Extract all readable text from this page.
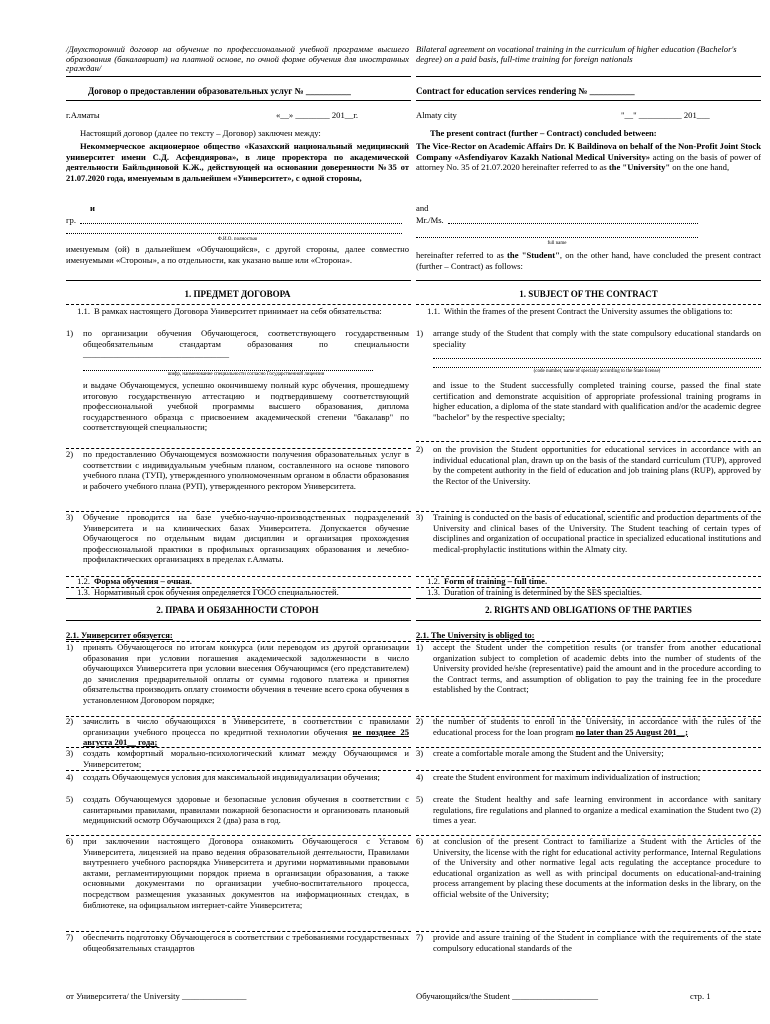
/Двухсторонний договор на обучение по профессиональной учебной программе высшего образования (бакалавриат) на платной основе, по очной форме обучения для иностранных граждан/
Договор о предоставлении образовательных услуг № __________
г.Алматы	«__» ________ 201__г.
Настоящий договор (далее по тексту – Договор) заключен между:
Некоммерческое акционерное общество «Казахский национальный медицинский университет имени С.Д. Асфендиярова», в лице проректора по академической деятельности Байльдиновой К.Ж., действующей на основании доверенности №35 от 21.07.2020 года, именуемым в дальнейшем «Университет», с одной стороны,
и
гр.
Ф.И.О. полностью
именуемым (ой) в дальнейшем «Обучающийся», с другой стороны, далее совместно именуемыми «Стороны», а по отдельности, как указано выше или «Сторона».
1. ПРЕДМЕТ ДОГОВОРА
1.1. В рамках настоящего Договора Университет принимает на себя обязательства:
1)	по организации обучения Обучающегося, соответствующего государственным общеобязательным стандартам образования по специальности __________________________________
шифр, наименование специальности согласно Государственной лицензии
и выдаче Обучающемуся, успешно окончившему полный курс обучения, прошедшему итоговую государственную аттестацию и подтвердившему соответствующий профессиональной учебной программы высшего образования, диплома государственного образца с присвоением академической степени "бакалавр" по соответствующей специальности;
2)	по предоставлению Обучающемуся возможности получения образовательных услуг в соответствии с индивидуальным учебным планом, составленного на основе типового учебного плана (ТУП), утвержденного уполномоченным органом в области образования и рабочего учебного плана (РУП), утвержденного ректором Университета.
3)	Обучение проводится на базе учебно-научно-производственных подразделений Университета и на клинических базах Университета. Допускается обучение Обучающегося по отдельным видам дисциплин и организация прохождения профессиональной практики в профильных организациях образования и лечебно-профилактических организациях в пределах г.Алматы.
1.2. Форма обучения – очная.
1.3. Нормативный срок обучения определяется ГОСО специальностей.
2. ПРАВА И ОБЯЗАННОСТИ СТОРОН
2.1. Университет обязуется:
1)	принять Обучающегося по итогам конкурса (или переводом из другой организации образования при условии погашения академической задолженности в число обучающихся Университета при условии внесения Обучающимся (его представителем) до зачисления предварительной оплаты от суммы годового платежа и принятия обязательства производить оплату стоимости обучения в течение всего срока обучения в установленном Договором порядке;
2)	зачислить в число обучающихся в Университете, в соответствии с правилами организации учебного процесса по кредитной технологии обучения не позднее 25 августа 201__ года;
3)	создать комфортный морально-психологический климат между Обучающимся и Университетом;
4)	создать Обучающемуся условия для максимальной индивидуализации обучения;
5)	создать Обучающемуся здоровые и безопасные условия обучения в соответствии с санитарными правилами, правилами пожарной безопасности и организовать плановый медицинский осмотр Обучающихся 2 (два) раза в год.
6)	при заключении настоящего Договора ознакомить Обучающегося с Уставом Университета, лицензией на право ведения образовательной деятельности, Правилами внутреннего учебного распорядка Университета и другими нормативными правовыми актами, регламентирующими порядок приема в организации образования, а также основными документами по организации учебно-воспитательного процесса, посредством размещения указанных документов на информационных стендах, в библиотеке, на официальном интернет-сайте Университета;
7)	обеспечить подготовку Обучающегося в соответствии с требованиями государственных общеобязательных стандартов
Bilateral agreement on vocational training in the curriculum of higher education (Bachelor's degree) on a paid basis, full-time training for foreign nationals
Contract for education services rendering № __________
Almaty city	"__" __________ 201___
The present contract (further – Contract) concluded between:
The Vice-Rector on Academic Affairs Dr. K Baildinova on behalf of the Non-Profit Joint Stock Company «Asfendiyarov Kazakh National Medical University» acting on the basis of power of attorney No. 35 of 21.07.2020 hereinafter referred to as the "University" on the one hand,
and
Mr./Ms.
full name
hereinafter referred to as the "Student", on the other hand, have concluded the present contract (further – Contract) as follows:
1. SUBJECT OF THE CONTRACT
1.1. Within the frames of the present Contract the University assumes the obligations to:
1)	arrange study of the Student that comply with the state compulsory educational standards on speciality
(code number, name of specialty according to the State license)
and issue to the Student successfully completed training course, passed the final state certification and demonstrate acquisition of appropriate professional training programs in higher education, a diploma of the state standard with qualification and/or the academic degree "bachelor" by the respective specialty;
2)	on the provision the Student opportunities for educational services in accordance with an individual educational plan, drawn up on the basis of the standard curriculum (TUP), approved by the competent authority in the field of education and job training plans (RUP), approved by the Rector of the University.
3)	Training is conducted on the basis of educational, scientific and production departments of the University and clinical bases of the University. The Student teaching of certain types of disciplines and organization of occupational practice in specialized educational institutions and medical-prophylactic institutions within the Almaty city.
1.2. Form of training – full time.
1.3. Duration of training is determined by the SES specialties.
2. RIGHTS AND OBLIGATIONS OF THE PARTIES
2.1. The University is obliged to:
1)	accept the Student under the competition results (or transfer from another educational organization subject to completion of academic debts into the number of students of the University provided he/she (representative) paid the amount and in the procedure according to the Contract terms, and assumption of obligation to pay the training fee in the procedure established by the Contract;
2)	the number of students to enroll in the University, in accordance with the rules of the educational process for the loan program no later than 25 August 201__;
3)	create a comfortable morale among the Student and the University;
4)	create the Student environment for maximum individualization of instruction;
5)	create the Student healthy and safe learning environment in accordance with sanitary regulations, fire regulations and planned to organize a medical examination the Student two (2) times a year.
6)	at conclusion of the present Contract to familiarize a Student with the Articles of the University, the license with the right for educational activity performance, Internal Regulations of the University and other normative legal acts regulating the acceptance procedure to educational organization as well as with principal documents on educational-and-training process arrangement by placing these documents at the information desks in the library, on the official website of the University;
7)	provide and assure training of the Student in compliance with the requirements of the state compulsory educational standards of the
от Университета/ the University _______________	Обучающийся/the Student ____________________	стр. 1
